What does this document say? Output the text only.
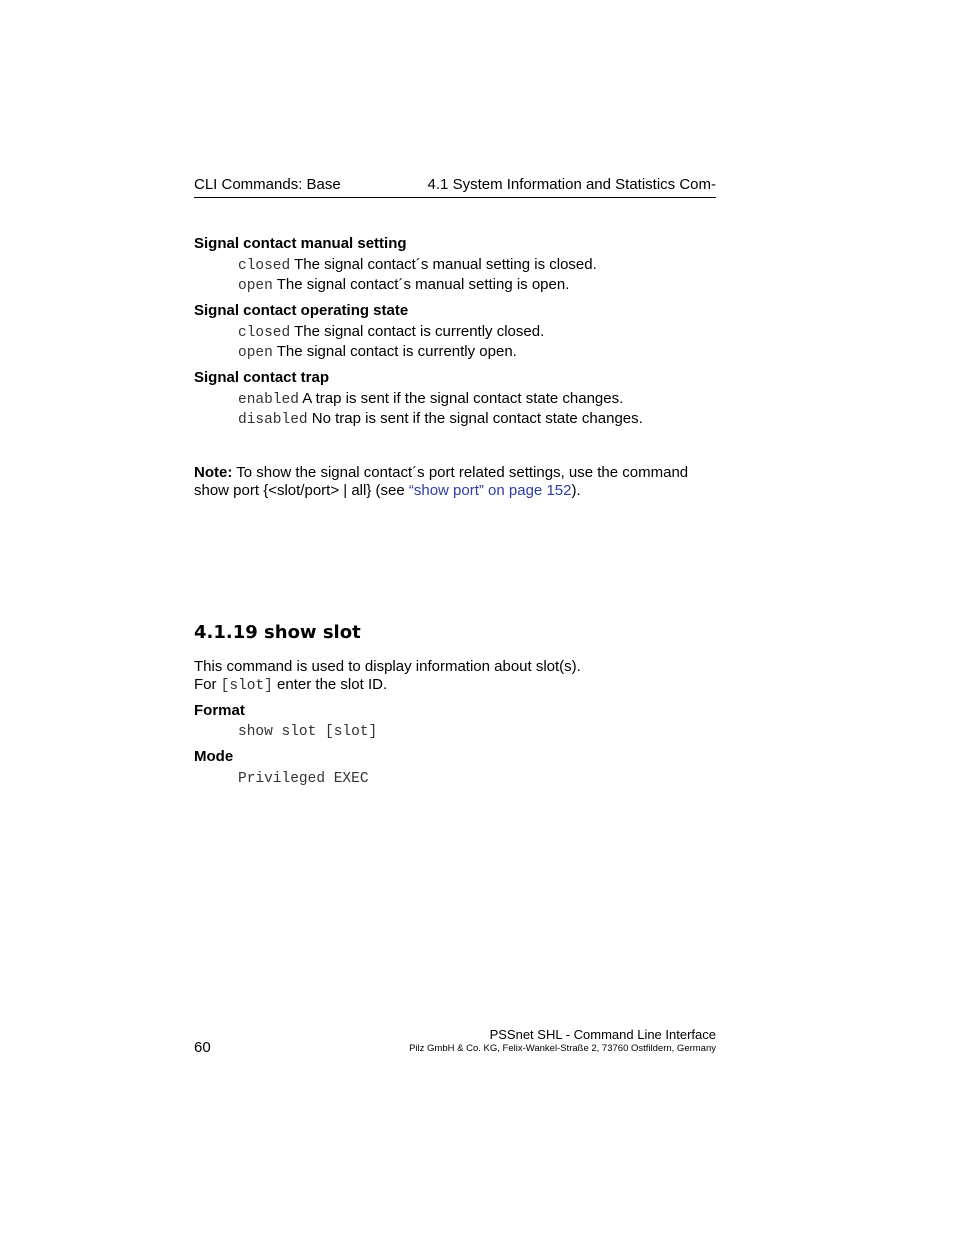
CLI Commands: Base	4.1 System Information and Statistics Com-
Signal contact manual setting
closed The signal contact´s manual setting is closed.
open The signal contact´s manual setting is open.
Signal contact operating state
closed The signal contact is currently closed.
open The signal contact is currently open.
Signal contact trap
enabled A trap is sent if the signal contact state changes.
disabled No trap is sent if the signal contact state changes.
Note: To show the signal contact´s port related settings, use the command
show port {<slot/port> | all} (see “show port” on page 152).
4.1.19 show slot
This command is used to display information about slot(s).
For [slot] enter the slot ID.
Format
show slot [slot]
Mode
Privileged EXEC
PSSnet SHL - Command Line Interface
Pilz GmbH & Co. KG, Felix-Wankel-Straße 2, 73760 Ostfildern, Germany
60
